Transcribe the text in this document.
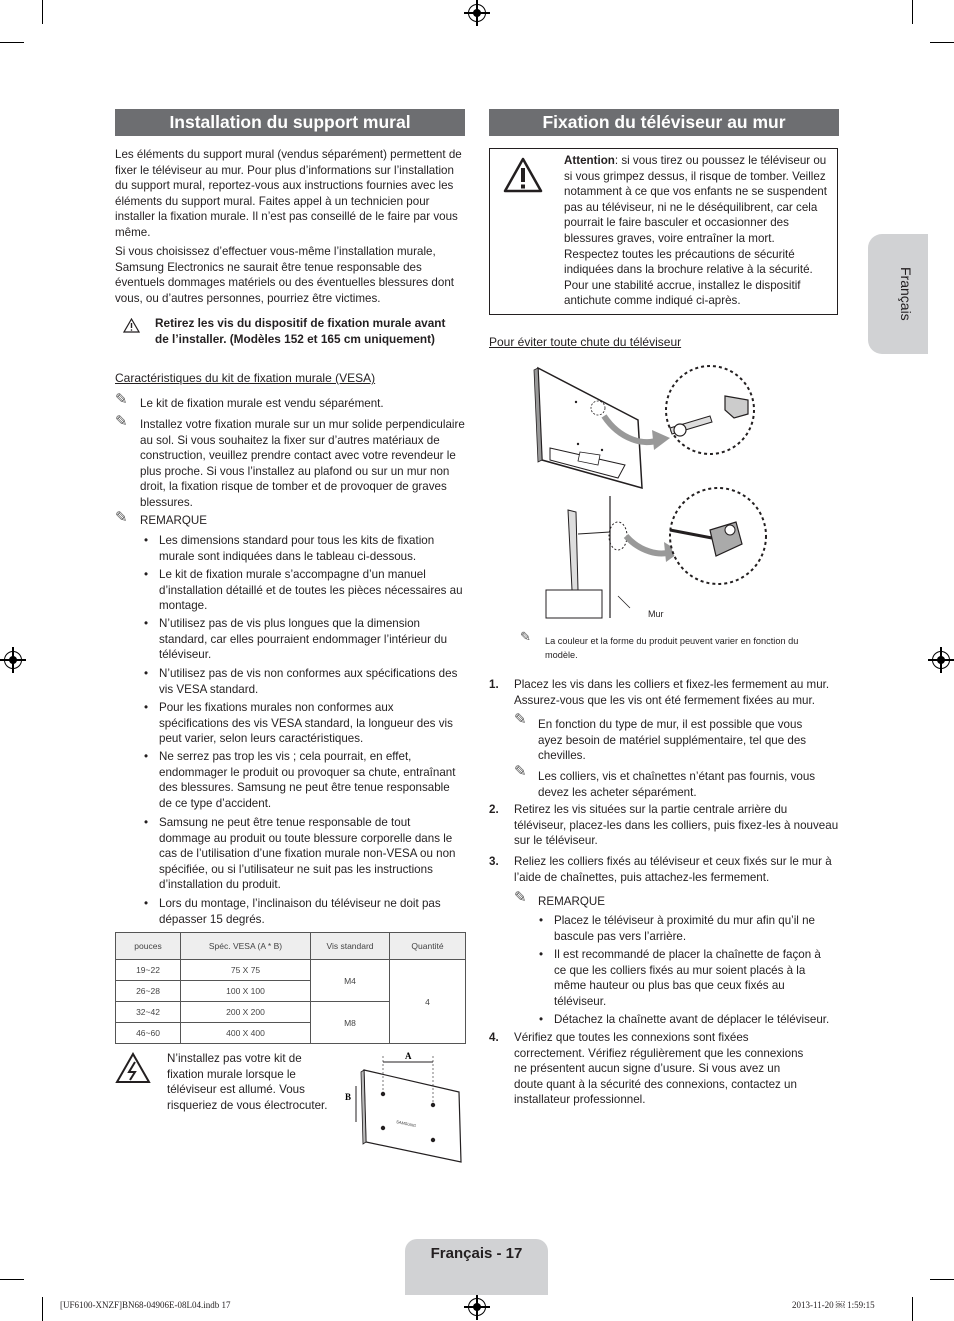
Installation du support mural

Les éléments du support mural (vendus séparément) permettent de fixer le téléviseur au mur. Pour plus d’informations sur l’installation du support mural, reportez-vous aux instructions fournies avec les éléments du support mural. Faites appel à un technicien pour installer la fixation murale. Il n’est pas conseillé de le faire par vous même.

Si vous choisissez d’effectuer vous-même l’installation murale, Samsung Electronics ne saurait être tenue responsable des éventuels dommages matériels ou des éventuelles blessures dont vous, ou d’autres personnes, pourriez être victimes.

Retirez les vis du dispositif de fixation murale avant de l’installer. (Modèles 152 et 165 cm uniquement)

Caractéristiques du kit de fixation murale (VESA)
✎ Le kit de fixation murale est vendu séparément.

✎ Installez votre fixation murale sur un mur solide perpendiculaire au sol. Si vous souhaitez la fixer sur d’autres matériaux de construction, veuillez prendre contact avec votre revendeur le plus proche. Si vous l’installez au plafond ou sur un mur non droit, la fixation risque de tomber et de provoquer de graves blessures.

✎ REMARQUE
• Les dimensions standard pour tous les kits de fixation murale sont indiquées dans le tableau ci-dessous.
• Le kit de fixation murale s’accompagne d’un manuel d’installation détaillé et de toutes les pièces nécessaires au montage.
• N’utilisez pas de vis plus longues que la dimension standard, car elles pourraient endommager l’intérieur du téléviseur.
• N’utilisez pas de vis non conformes aux spécifications des vis VESA standard.
• Pour les fixations murales non conformes aux spécifications des vis VESA standard, la longueur des vis peut varier, selon leurs caractéristiques.
• Ne serrez pas trop les vis ; cela pourrait, en effet, endommager le produit ou provoquer sa chute, entraînant des blessures. Samsung ne peut être tenue responsable de ce type d’accident.
• Samsung ne peut être tenue responsable de tout dommage au produit ou toute blessure corporelle dans le cas de l’utilisation d’une fixation murale non-VESA ou non spécifiée, ou si l’utilisateur ne suit pas les instructions d’installation du produit.
• Lors du montage, l’inclinaison du téléviseur ne doit pas dépasser 15 degrés.
pouces	Spéc. VESA (A * B)	Vis standard	Quantité
19~22	75 X 75	M4	4
26~28	100 X 100		
32~42	200 X 200	M8	
46~60	400 X 400		

N’installez pas votre kit de fixation murale lorsque le téléviseur est allumé. Vous risqueriez de vous électrocuter.

A
B
SAMSUNG
Fixation du téléviseur au mur

Attention: si vous tirez ou poussez le téléviseur ou si vous grimpez dessus, il risque de tomber. Veillez notamment à ce que vos enfants ne se suspendent pas au téléviseur, ni ne le déséquilibrent, car cela pourrait le faire basculer et occasionner des blessures graves, voire entraîner la mort. Respectez toutes les précautions de sécurité indiquées dans la brochure relative à la sécurité. Pour une stabilité accrue, installez le dispositif antichute comme indiqué ci-après.

Pour éviter toute chute du téléviseur
Mur
✎ La couleur et la forme du produit peuvent varier en fonction du modèle.

1. Placez les vis dans les colliers et fixez-les fermement au mur. Assurez-vous que les vis ont été fermement fixées au mur.

✎ En fonction du type de mur, il est possible que vous ayez besoin de matériel supplémentaire, tel que des chevilles.

✎ Les colliers, vis et chaînettes n’étant pas fournis, vous devez les acheter séparément.

2. Retirez les vis situées sur la partie centrale arrière du téléviseur, placez-les dans les colliers, puis fixez-les à nouveau sur le téléviseur.

3. Reliez les colliers fixés au téléviseur et ceux fixés sur le mur à l’aide de chaînettes, puis attachez-les fermement.

✎ REMARQUE
• Placez le téléviseur à proximité du mur afin qu’il ne bascule pas vers l’arrière.
• Il est recommandé de placer la chaînette de façon à ce que les colliers fixés au mur soient placés à la même hauteur ou plus bas que ceux fixés au téléviseur.
• Détachez la chaînette avant de déplacer le téléviseur.
4. Vérifiez que toutes les connexions sont fixées correctement. Vérifiez régulièrement que les connexions ne présentent aucun signe d’usure. Si vous avez un doute quant à la sécurité des connexions, contactez un installateur professionnel.

Français
Français - 17
[UF6100-XNZF]BN68-04906E-08L04.indb 17	2013-11-20 ￼ 1:59:15
